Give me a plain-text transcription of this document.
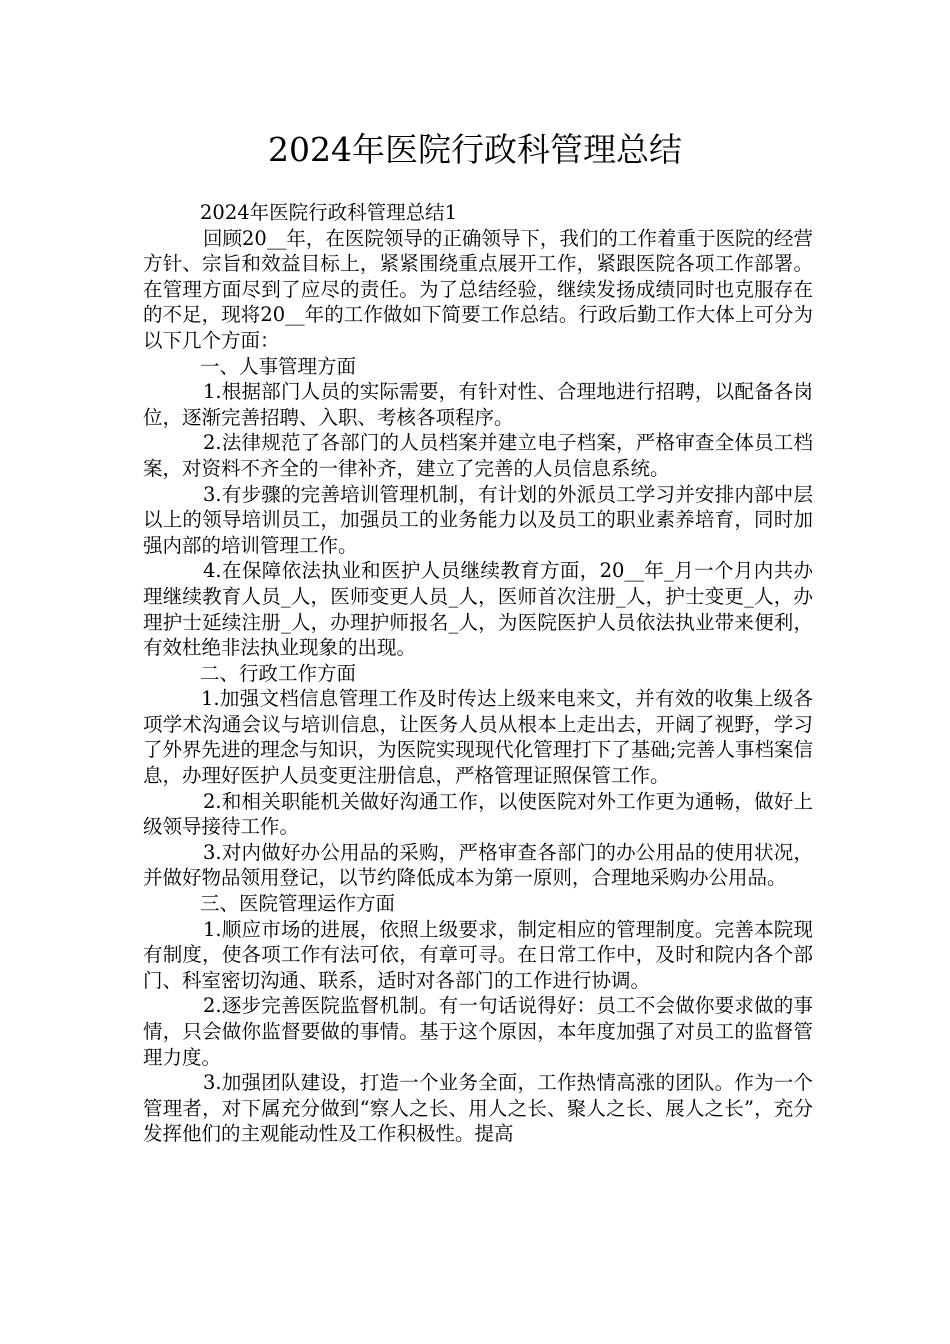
2024年医院行政科管理总结

2024年医院行政科管理总结1

回顾20__年，在医院领导的正确领导下，我们的工作着重于医院的经营方针、宗旨和效益目标上，紧紧围绕重点展开工作，紧跟医院各项工作部署。在管理方面尽到了应尽的责任。为了总结经验，继续发扬成绩同时也克服存在的不足，现将20__年的工作做如下简要工作总结。行政后勤工作大体上可分为以下几个方面：

一、人事管理方面

1.根据部门人员的实际需要，有针对性、合理地进行招聘，以配备各岗位，逐渐完善招聘、入职、考核各项程序。

2.法律规范了各部门的人员档案并建立电子档案，严格审查全体员工档案，对资料不齐全的一律补齐，建立了完善的人员信息系统。

3.有步骤的完善培训管理机制，有计划的外派员工学习并安排内部中层以上的领导培训员工，加强员工的业务能力以及员工的职业素养培育，同时加强内部的培训管理工作。

4.在保障依法执业和医护人员继续教育方面，20__年_月一个月内共办理继续教育人员_人，医师变更人员_人，医师首次注册_人，护士变更_人，办理护士延续注册_人，办理护师报名_人，为医院医护人员依法执业带来便利，有效杜绝非法执业现象的出现。

二、行政工作方面

1.加强文档信息管理工作及时传达上级来电来文，并有效的收集上级各项学术沟通会议与培训信息，让医务人员从根本上走出去，开阔了视野，学习了外界先进的理念与知识，为医院实现现代化管理打下了基础;完善人事档案信息，办理好医护人员变更注册信息，严格管理证照保管工作。

2.和相关职能机关做好沟通工作，以使医院对外工作更为通畅，做好上级领导接待工作。

3.对内做好办公用品的采购，严格审查各部门的办公用品的使用状况，并做好物品领用登记，以节约降低成本为第一原则，合理地采购办公用品。

三、医院管理运作方面

1.顺应市场的进展，依照上级要求，制定相应的管理制度。完善本院现有制度，使各项工作有法可依，有章可寻。在日常工作中，及时和院内各个部门、科室密切沟通、联系，适时对各部门的工作进行协调。

2.逐步完善医院监督机制。有一句话说得好：员工不会做你要求做的事情，只会做你监督要做的事情。基于这个原因，本年度加强了对员工的监督管理力度。

3.加强团队建设，打造一个业务全面，工作热情高涨的团队。作为一个管理者，对下属充分做到“察人之长、用人之长、聚人之长、展人之长”，充分发挥他们的主观能动性及工作积极性。提高
